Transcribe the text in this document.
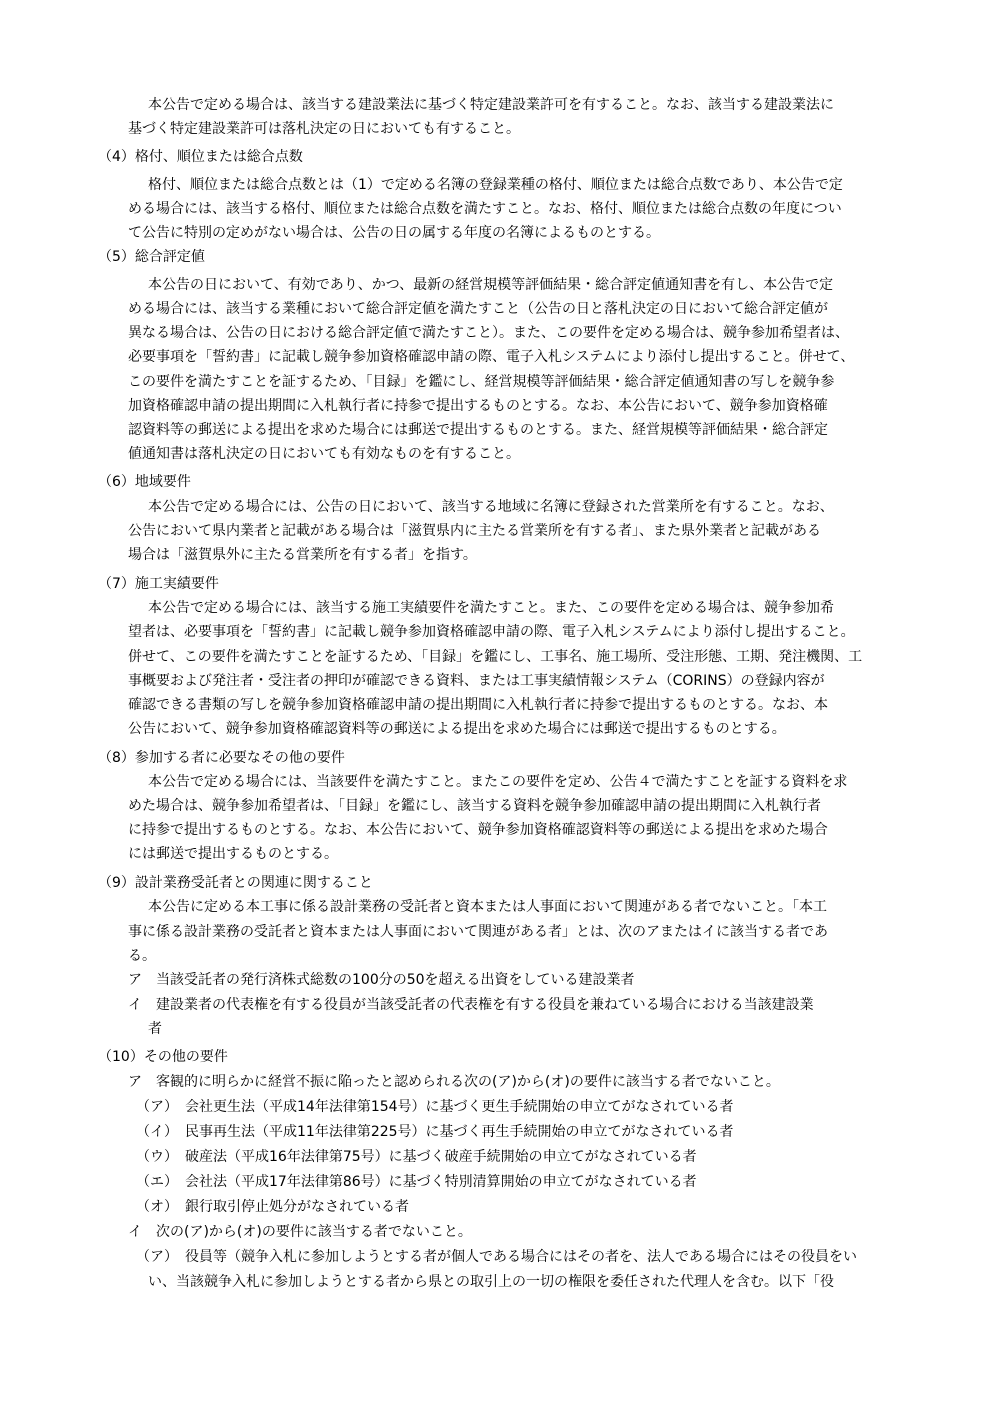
本公告で定める場合は、該当する建設業法に基づく特定建設業許可を有すること。なお、該当する建設業法に
基づく特定建設業許可は落札決定の日においても有すること。
（4）格付、順位または総合点数
格付、順位または総合点数とは（1）で定める名簿の登録業種の格付、順位または総合点数であり、本公告で定
める場合には、該当する格付、順位または総合点数を満たすこと。なお、格付、順位または総合点数の年度につい
て公告に特別の定めがない場合は、公告の日の属する年度の名簿によるものとする。
（5）総合評定値
本公告の日において、有効であり、かつ、最新の経営規模等評価結果・総合評定値通知書を有し、本公告で定
める場合には、該当する業種において総合評定値を満たすこと（公告の日と落札決定の日において総合評定値が
異なる場合は、公告の日における総合評定値で満たすこと）。また、この要件を定める場合は、競争参加希望者は、
必要事項を「誓約書」に記載し競争参加資格確認申請の際、電子入札システムにより添付し提出すること。併せて、
この要件を満たすことを証するため、「目録」を鑑にし、経営規模等評価結果・総合評定値通知書の写しを競争参
加資格確認申請の提出期間に入札執行者に持参で提出するものとする。なお、本公告において、競争参加資格確
認資料等の郵送による提出を求めた場合には郵送で提出するものとする。また、経営規模等評価結果・総合評定
値通知書は落札決定の日においても有効なものを有すること。
（6）地域要件
本公告で定める場合には、公告の日において、該当する地域に名簿に登録された営業所を有すること。なお、
公告において県内業者と記載がある場合は「滋賀県内に主たる営業所を有する者」、また県外業者と記載がある
場合は「滋賀県外に主たる営業所を有する者」を指す。
（7）施工実績要件
本公告で定める場合には、該当する施工実績要件を満たすこと。また、この要件を定める場合は、競争参加希
望者は、必要事項を「誓約書」に記載し競争参加資格確認申請の際、電子入札システムにより添付し提出すること。
併せて、この要件を満たすことを証するため、「目録」を鑑にし、工事名、施工場所、受注形態、工期、発注機関、工
事概要および発注者・受注者の押印が確認できる資料、または工事実績情報システム（CORINS）の登録内容が
確認できる書類の写しを競争参加資格確認申請の提出期間に入札執行者に持参で提出するものとする。なお、本
公告において、競争参加資格確認資料等の郵送による提出を求めた場合には郵送で提出するものとする。
（8）参加する者に必要なその他の要件
本公告で定める場合には、当該要件を満たすこと。またこの要件を定め、公告４で満たすことを証する資料を求
めた場合は、競争参加希望者は、「目録」を鑑にし、該当する資料を競争参加確認申請の提出期間に入札執行者
に持参で提出するものとする。なお、本公告において、競争参加資格確認資料等の郵送による提出を求めた場合
には郵送で提出するものとする。
（9）設計業務受託者との関連に関すること
本公告に定める本工事に係る設計業務の受託者と資本または人事面において関連がある者でないこと。「本工
事に係る設計業務の受託者と資本または人事面において関連がある者」とは、次のアまたはイに該当する者であ
る。
ア　当該受託者の発行済株式総数の100分の50を超える出資をしている建設業者
イ　建設業者の代表権を有する役員が当該受託者の代表権を有する役員を兼ねている場合における当該建設業
者
（10）その他の要件
ア　客観的に明らかに経営不振に陥ったと認められる次の(ア)から(オ)の要件に該当する者でないこと。
（ア）　会社更生法（平成14年法律第154号）に基づく更生手続開始の申立てがなされている者
（イ）　民事再生法（平成11年法律第225号）に基づく再生手続開始の申立てがなされている者
（ウ）　破産法（平成16年法律第75号）に基づく破産手続開始の申立てがなされている者
（エ）　会社法（平成17年法律第86号）に基づく特別清算開始の申立てがなされている者
（オ）　銀行取引停止処分がなされている者
イ　次の(ア)から(オ)の要件に該当する者でないこと。
（ア）　役員等（競争入札に参加しようとする者が個人である場合にはその者を、法人である場合にはその役員をい
い、当該競争入札に参加しようとする者から県との取引上の一切の権限を委任された代理人を含む。以下「役
